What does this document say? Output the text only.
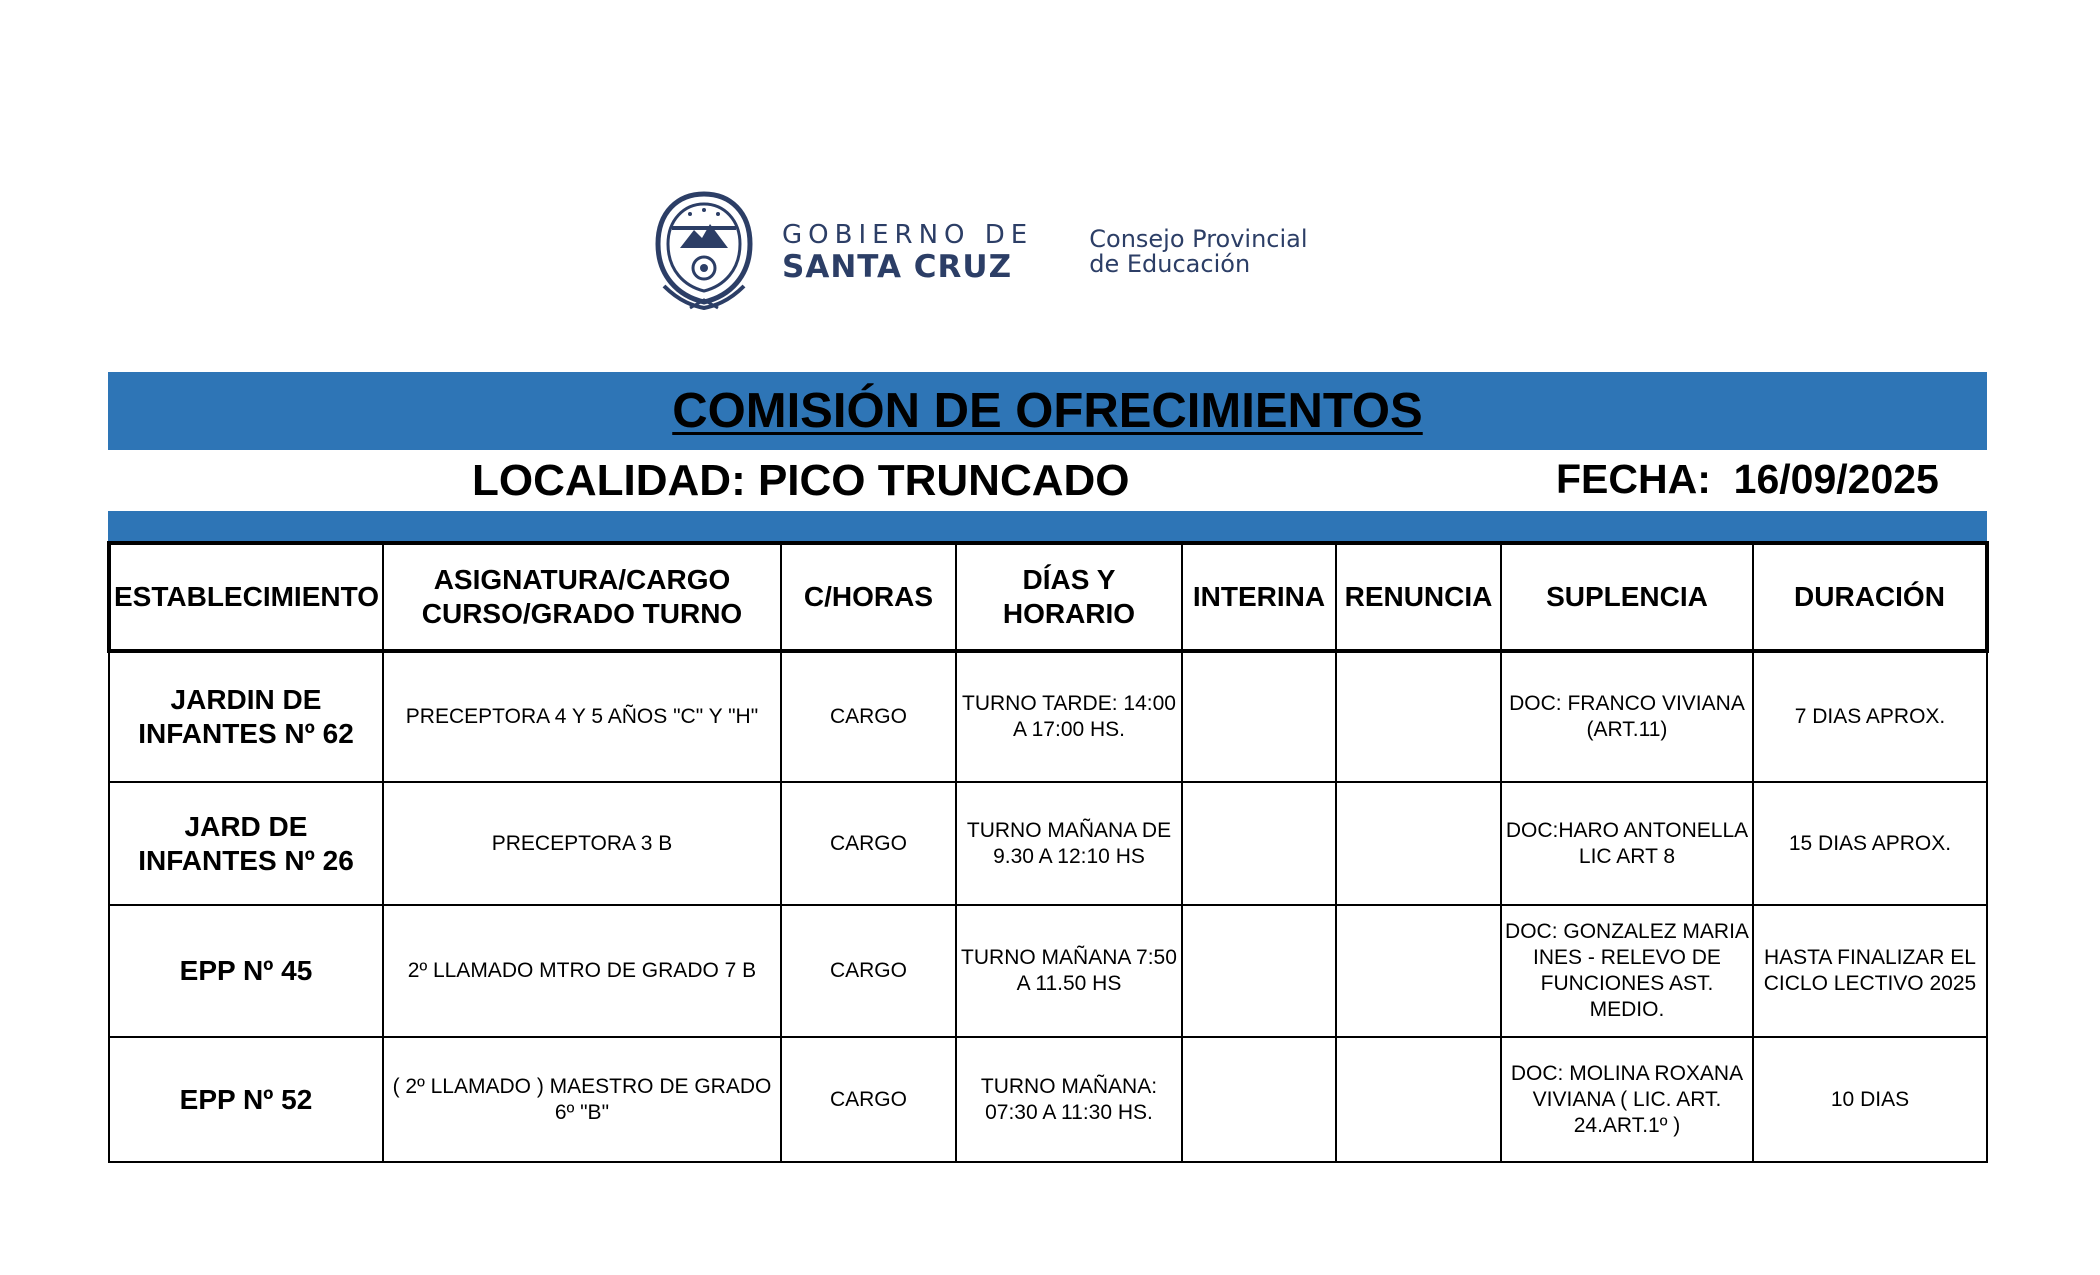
GOBIERNO DE
SANTA CRUZ
Consejo Provincial
de Educación
COMISIÓN DE OFRECIMIENTOS
LOCALIDAD: PICO TRUNCADO	FECHA:  16/09/2025
ESTABLECIMIENTO	ASIGNATURA/CARGO CURSO/GRADO TURNO	C/HORAS	DÍAS Y HORARIO	INTERINA	RENUNCIA	SUPLENCIA	DURACIÓN
JARDIN DE INFANTES Nº 62	PRECEPTORA 4 Y 5 AÑOS "C" Y "H"	CARGO	TURNO TARDE: 14:00 A 17:00 HS.			DOC: FRANCO VIVIANA (ART.11)	7 DIAS APROX.
JARD DE INFANTES Nº 26	PRECEPTORA 3 B	CARGO	TURNO MAÑANA DE 9.30 A 12:10 HS			DOC:HARO ANTONELLA LIC ART 8	15 DIAS APROX.
EPP Nº 45	2º LLAMADO MTRO DE GRADO 7 B	CARGO	TURNO MAÑANA 7:50 A 11.50 HS			DOC: GONZALEZ MARIA INES - RELEVO DE FUNCIONES AST. MEDIO.	HASTA FINALIZAR EL CICLO LECTIVO 2025
EPP Nº 52	( 2º LLAMADO ) MAESTRO DE GRADO 6º "B"	CARGO	TURNO MAÑANA: 07:30 A 11:30 HS.			DOC: MOLINA ROXANA VIVIANA ( LIC. ART. 24.ART.1º )	10 DIAS
